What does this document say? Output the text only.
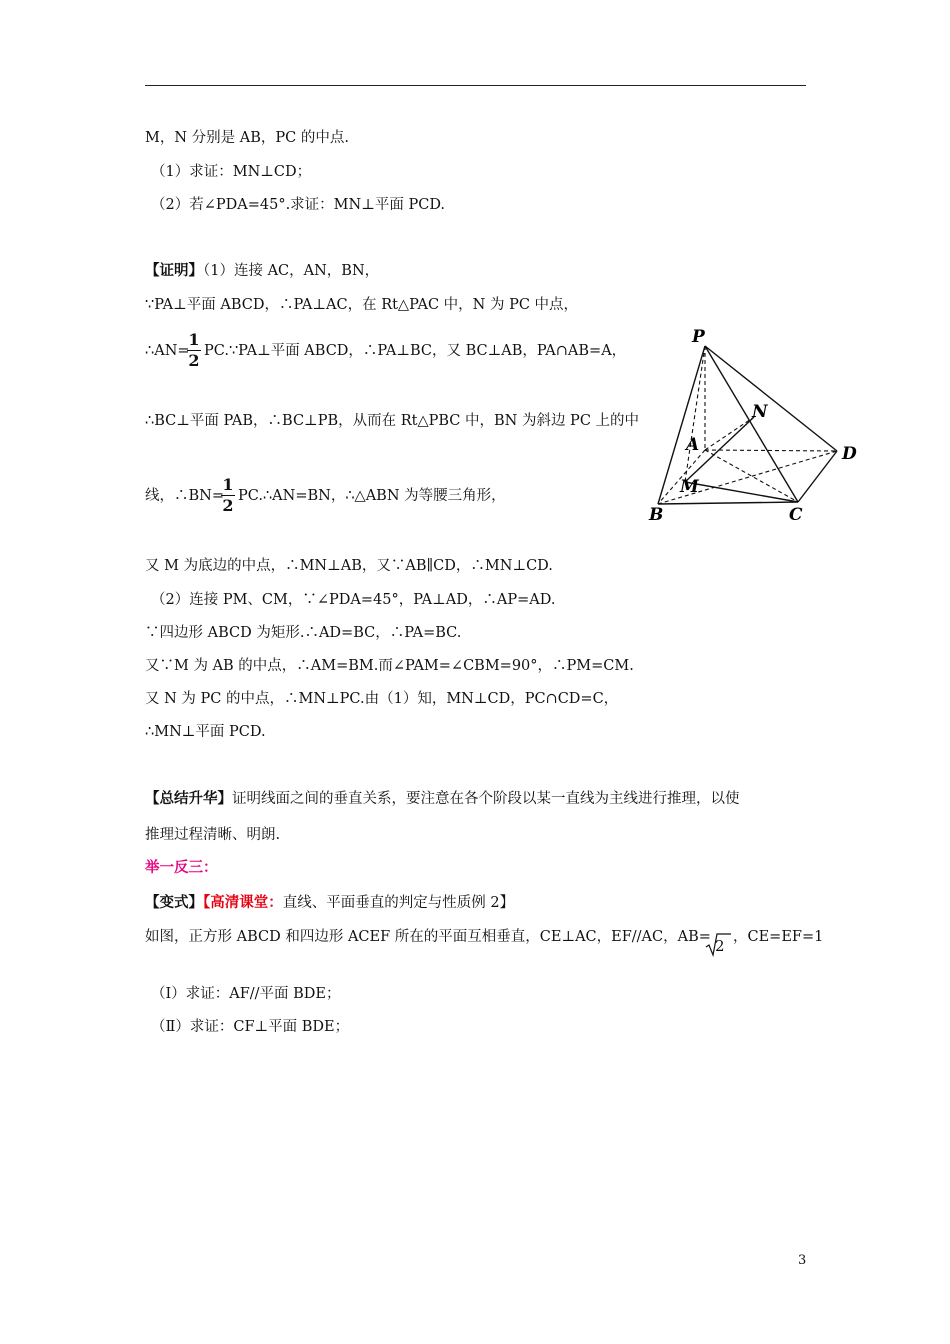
M，N 分别是 AB，PC 的中点.
（1）求证：MN⊥CD；
（2）若∠PDA=45°.求证：MN⊥平面 PCD.
【证明】（1）连接 AC，AN，BN，
∵PA⊥平面 ABCD，∴PA⊥AC，在 Rt△PAC 中，N 为 PC 中点，
∴AN=
1
2 PC.∵PA⊥平面 ABCD，∴PA⊥BC，又 BC⊥AB，PA∩AB=A，
∴BC⊥平面 PAB，∴BC⊥PB，从而在 Rt△PBC 中，BN 为斜边 PC 上的中
线，∴BN=
1
2 PC.∴AN=BN，∴△ABN 为等腰三角形，
又 M 为底边的中点，∴MN⊥AB，又∵AB∥CD，∴MN⊥CD.
（2）连接 PM、CM，∵∠PDA=45°，PA⊥AD，∴AP=AD.
∵四边形 ABCD 为矩形.∴AD=BC，∴PA=BC.
又∵M 为 AB 的中点，∴AM=BM.而∠PAM=∠CBM=90°，∴PM=CM.
又 N 为 PC 的中点，∴MN⊥PC.由（1）知，MN⊥CD，PC∩CD=C，
∴MN⊥平面 PCD.
【总结升华】证明线面之间的垂直关系，要注意在各个阶段以某一直线为主线进行推理，以使
推理过程清晰、明朗.
举一反三：
【变式】【高清课堂：直线、平面垂直的判定与性质例 2】
如图，正方形 ABCD 和四边形 ACEF 所在的平面互相垂直，CE⊥AC，EF//AC，AB= 2 ，CE=EF=1
（Ⅰ）求证：AF//平面 BDE；
（Ⅱ）求证：CF⊥平面 BDE；
P
N
A	D
M
B	C
3
